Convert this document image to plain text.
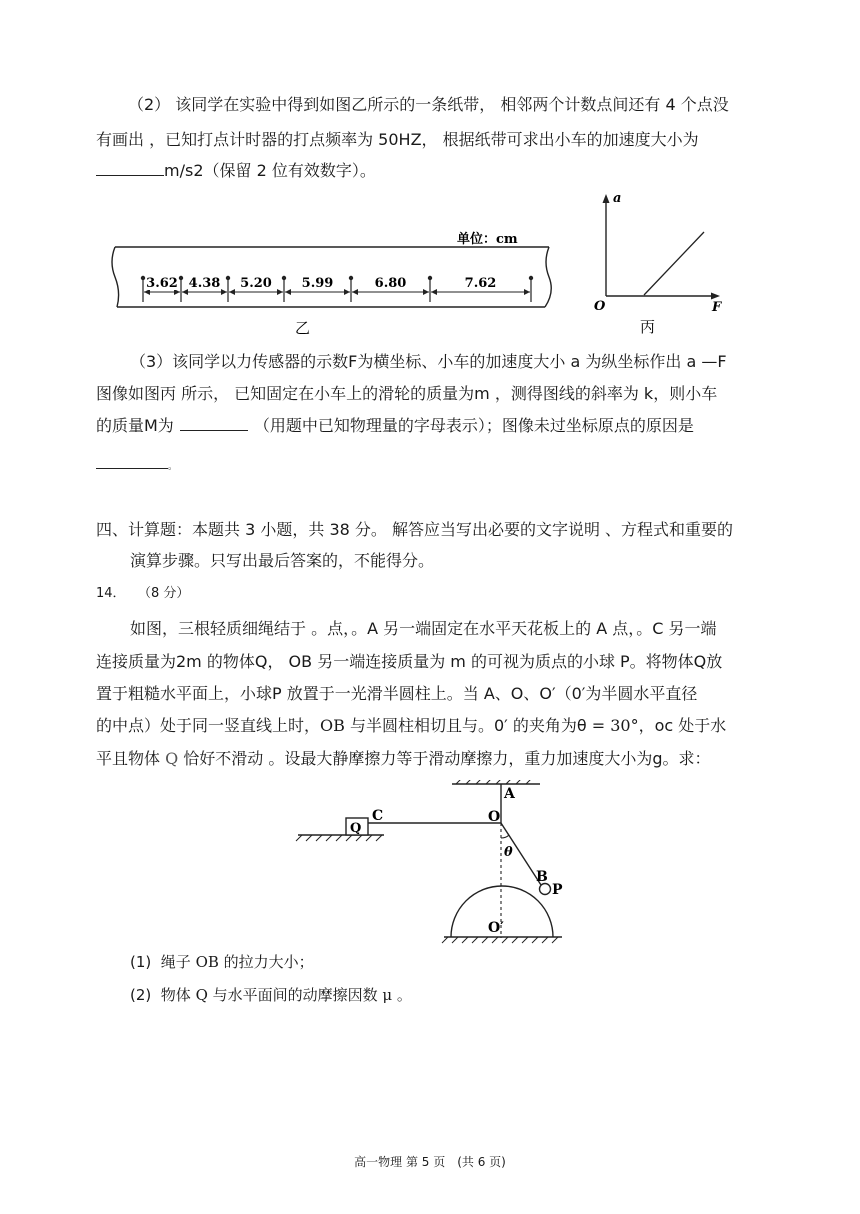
（2） 该同学在实验中得到如图乙所示的一条纸带， 相邻两个计数点间还有 4 个点没
有画出 ，已知打点计时器的打点频率为 50HZ， 根据纸带可求出小车的加速度大小为
m/s2（保留 2 位有效数字）。
单位：cm
3.62 4.38 5.20 5.99	6.80	7.62
乙
a
F
O
丙
（3）该同学以力传感器的示数F为横坐标、小车的加速度大小 a 为纵坐标作出 a —F
图像如图丙 所示， 已知固定在小车上的滑轮的质量为m ，测得图线的斜率为 k，则小车
的质量M为	（用题中已知物理量的字母表示）；图像未过坐标原点的原因是
。
四、计算题：本题共 3 小题，共 38 分。 解答应当写出必要的文字说明 、方程式和重要的
演算步骤。只写出最后答案的，不能得分。
14． （8 分）
如图，三根轻质细绳结于 。点，。A 另一端固定在水平天花板上的 A 点，。C 另一端
连接质量为2m 的物体Q， OB 另一端连接质量为 m 的可视为质点的小球 P。将物体Q放
置于粗糙水平面上，小球P 放置于一光滑半圆柱上。当 A、O、O′（0′为半圆水平直径
的中点）处于同一竖直线上时，OB 与半圆柱相切且与。0′ 的夹角为θ = 30°，oc 处于水
平且物体 Q 恰好不滑动 。设最大静摩擦力等于滑动摩擦力，重力加速度大小为g。求：
A
O
C
Q
θ
B
P
O′
(1) 绳子 OB 的拉力大小；
(2) 物体 Q 与水平面间的动摩擦因数 μ 。
高一物理 第 5 页　(共 6 页)
